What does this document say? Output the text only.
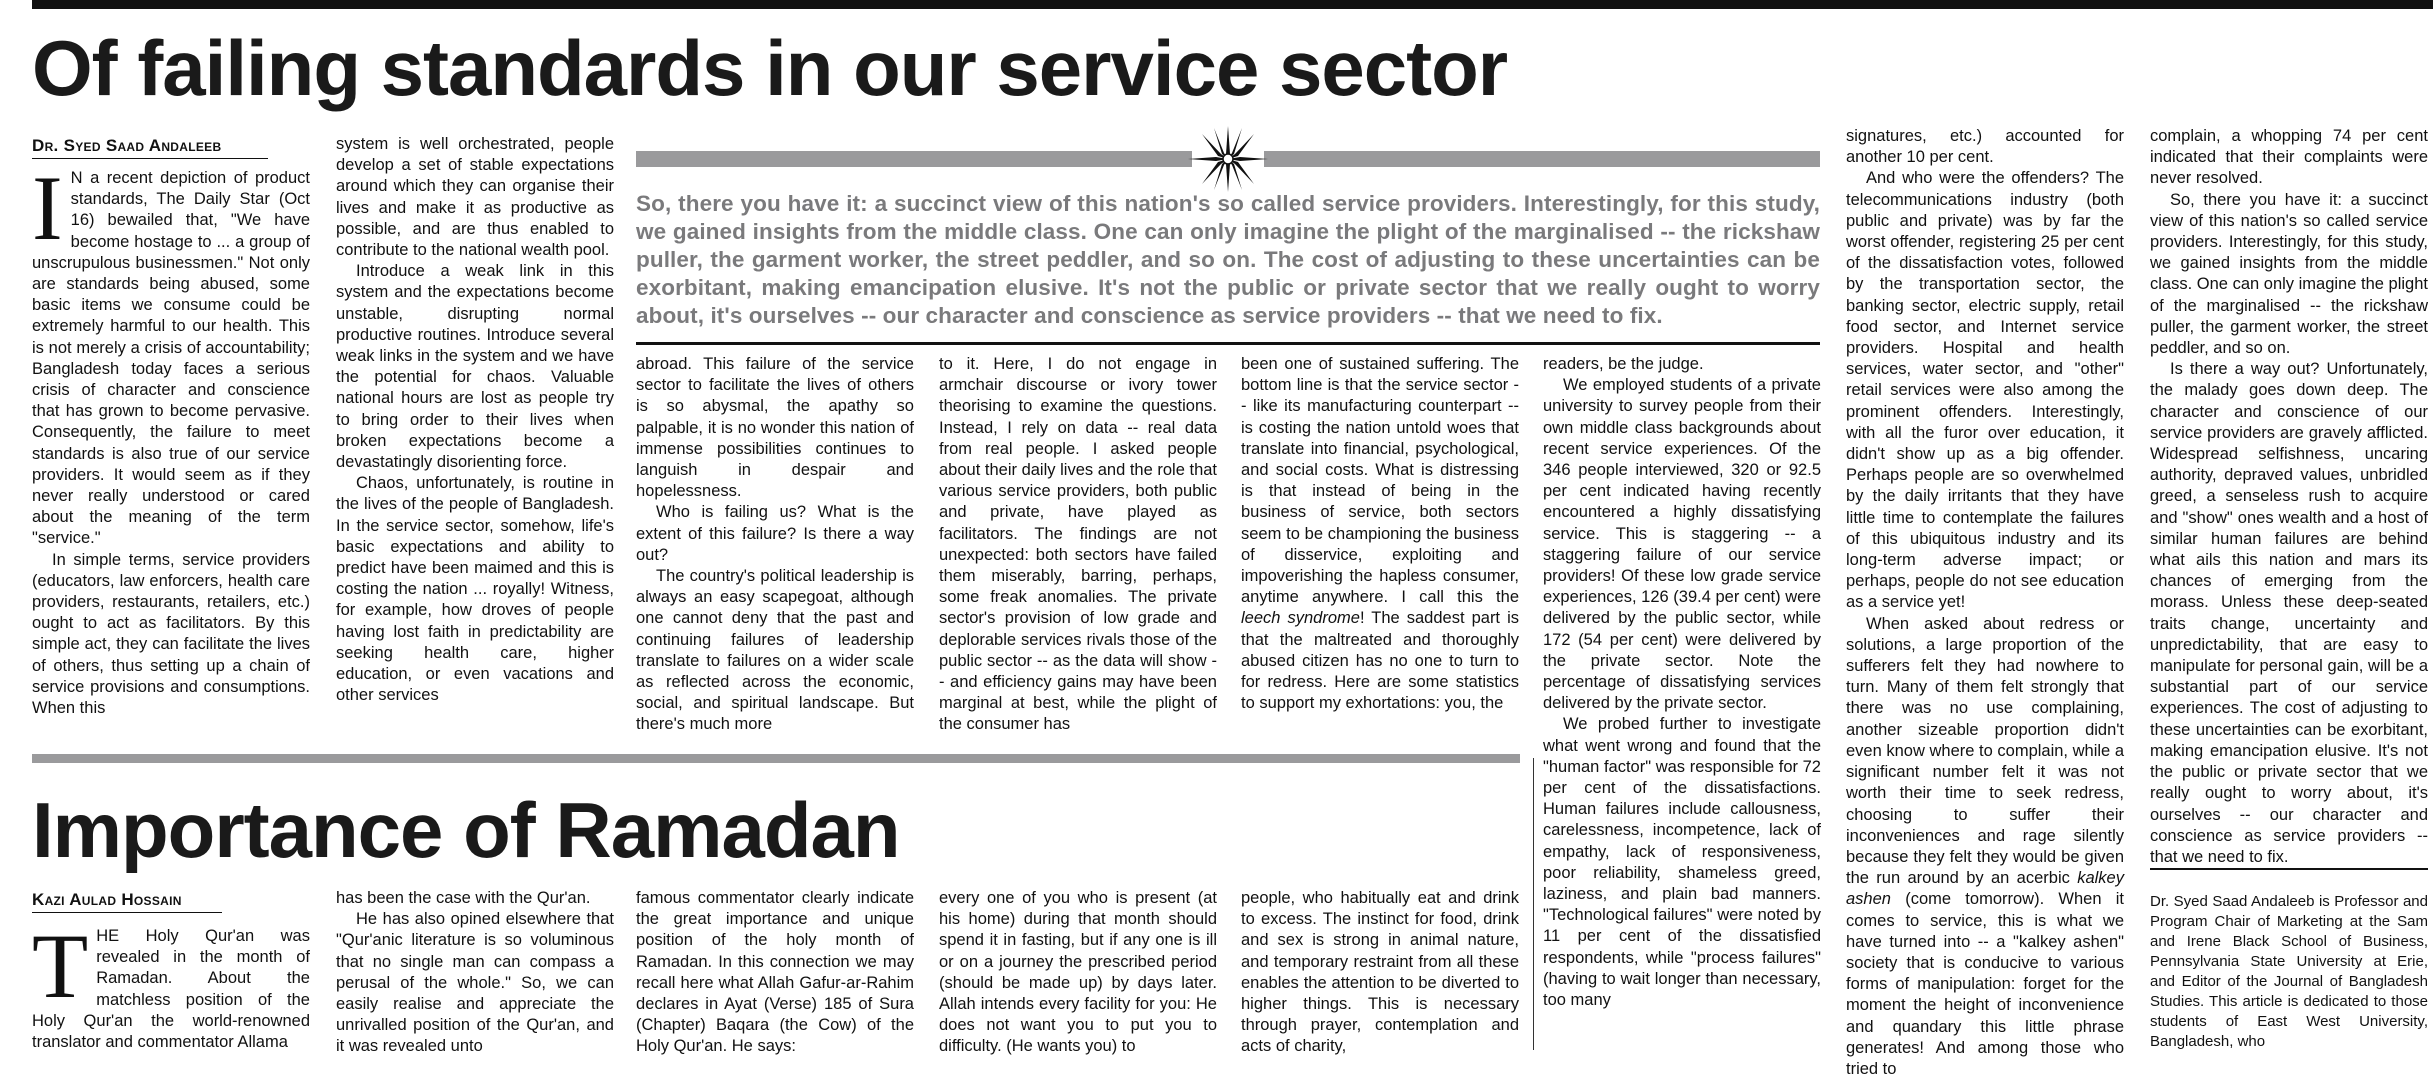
Of failing standards in our service sector
Dr. Syed Saad Andaleeb

I N a recent depiction of product standards, The Daily Star (Oct 16) bewailed that, "We have become hostage to ... a group of unscrupulous businessmen." Not only are standards being abused, some basic items we consume could be extremely harmful to our health. This is not merely a crisis of accountability; Bangladesh today faces a serious crisis of character and conscience that has grown to become pervasive. Consequently, the failure to meet standards is also true of our service providers. It would seem as if they never really understood or cared about the meaning of the term "service."

In simple terms, service providers (educators, law enforcers, health care providers, restaurants, retailers, etc.) ought to act as facilitators. By this simple act, they can facilitate the lives of others, thus setting up a chain of service provisions and consumptions. When this

system is well orchestrated, people develop a set of stable expectations around which they can organise their lives and make it as productive as possible, and are thus enabled to contribute to the national wealth pool.

Introduce a weak link in this system and the expectations become unstable, disrupting normal productive routines. Introduce several weak links in the system and we have the potential for chaos. Valuable national hours are lost as people try to bring order to their lives when broken expectations become a devastatingly disorienting force.

Chaos, unfortunately, is routine in the lives of the people of Bangladesh. In the service sector, somehow, life's basic expectations and ability to predict have been maimed and this is costing the nation ... royally! Witness, for example, how droves of people having lost faith in predictability are seeking health care, higher education, or even vacations and other services

So, there you have it: a succinct view of this nation's so called service providers. Interestingly, for this study, we gained insights from the middle class. One can only imagine the plight of the marginalised -- the rickshaw puller, the garment worker, the street peddler, and so on. The cost of adjusting to these uncertainties can be exorbitant, making emancipation elusive. It's not the public or private sector that we really ought to worry about, it's ourselves -- our character and conscience as service providers -- that we need to fix.

abroad. This failure of the service sector to facilitate the lives of others is so abysmal, the apathy so palpable, it is no wonder this nation of immense possibilities continues to languish in despair and hopelessness.

Who is failing us? What is the extent of this failure? Is there a way out?

The country's political leadership is always an easy scapegoat, although one cannot deny that the past and continuing failures of leadership translate to failures on a wider scale as reflected across the economic, social, and spiritual landscape. But there's much more

to it. Here, I do not engage in armchair discourse or ivory tower theorising to examine the questions. Instead, I rely on data -- real data from real people. I asked people about their daily lives and the role that various service providers, both public and private, have played as facilitators. The findings are not unexpected: both sectors have failed them miserably, barring, perhaps, some freak anomalies. The private sector's provision of low grade and deplorable services rivals those of the public sector -- as the data will show -- and efficiency gains may have been marginal at best, while the plight of the consumer has

been one of sustained suffering. The bottom line is that the service sector -- like its manufacturing counterpart -- is costing the nation untold woes that translate into financial, psychological, and social costs. What is distressing is that instead of being in the business of service, both sectors seem to be championing the business of disservice, exploiting and impoverishing the hapless consumer, anytime anywhere. I call this the leech syndrome! The saddest part is that the maltreated and thoroughly abused citizen has no one to turn to for redress. Here are some statistics to support my exhortations: you, the

readers, be the judge.

We employed students of a private university to survey people from their own middle class backgrounds about recent service experiences. Of the 346 people interviewed, 320 or 92.5 per cent indicated having recently encountered a highly dissatisfying service. This is staggering -- a staggering failure of our service providers! Of these low grade service experiences, 126 (39.4 per cent) were delivered by the public sector, while 172 (54 per cent) were delivered by the private sector. Note the percentage of dissatisfying services delivered by the private sector.

We probed further to investigate what went wrong and found that the "human factor" was responsible for 72 per cent of the dissatisfactions. Human failures include callousness, carelessness, incompetence, lack of empathy, lack of responsiveness, poor reliability, shameless greed, laziness, and plain bad manners. "Technological failures" were noted by 11 per cent of the dissatisfied respondents, while "process failures" (having to wait longer than necessary, too many

signatures, etc.) accounted for another 10 per cent.

And who were the offenders? The telecommunications industry (both public and private) was by far the worst offender, registering 25 per cent of the dissatisfaction votes, followed by the transportation sector, the banking sector, electric supply, retail food sector, and Internet service providers. Hospital and health services, water sector, and "other" retail services were also among the prominent offenders. Interestingly, with all the furor over education, it didn't show up as a big offender. Perhaps people are so overwhelmed by the daily irritants that they have little time to contemplate the failures of this ubiquitous industry and its long-term adverse impact; or perhaps, people do not see education as a service yet!

When asked about redress or solutions, a large proportion of the sufferers felt they had nowhere to turn. Many of them felt strongly that there was no use complaining, another sizeable proportion didn't even know where to complain, while a significant number felt it was not worth their time to seek redress, choosing to suffer their inconveniences and rage silently because they felt they would be given the run around by an acerbic kalkey ashen (come tomorrow). When it comes to service, this is what we have turned into -- a "kalkey ashen" society that is conducive to various forms of manipulation: forget for the moment the height of inconvenience and quandary this little phrase generates! And among those who tried to

complain, a whopping 74 per cent indicated that their complaints were never resolved.

So, there you have it: a succinct view of this nation's so called service providers. Interestingly, for this study, we gained insights from the middle class. One can only imagine the plight of the marginalised -- the rickshaw puller, the garment worker, the street peddler, and so on.

Is there a way out? Unfortunately, the malady goes down deep. The character and conscience of our service providers are gravely afflicted. Widespread selfishness, uncaring authority, depraved values, unbridled greed, a senseless rush to acquire and "show" ones wealth and a host of similar human failures are behind what ails this nation and mars its chances of emerging from the morass. Unless these deep-seated traits change, uncertainty and unpredictability, that are easy to manipulate for personal gain, will be a substantial part of our service experiences. The cost of adjusting to these uncertainties can be exorbitant, making emancipation elusive. It's not the public or private sector that we really ought to worry about, it's ourselves -- our character and conscience as service providers -- that we need to fix.

Dr. Syed Saad Andaleeb is Professor and Program Chair of Marketing at the Sam and Irene Black School of Business, Pennsylvania State University at Erie, and Editor of the Journal of Bangladesh Studies. This article is dedicated to those students of East West University, Bangladesh, who

Importance of Ramadan
Kazi Aulad Hossain

THE Holy Qur'an was revealed in the month of Ramadan. About the matchless position of the Holy Qur'an the world-renowned translator and commentator Allama

has been the case with the Qur'an.

He has also opined elsewhere that "Qur'anic literature is so voluminous that no single man can compass a perusal of the whole." So, we can easily realise and appreciate the unrivalled position of the Qur'an, and it was revealed unto

famous commentator clearly indicate the great importance and unique position of the holy month of Ramadan. In this connection we may recall here what Allah Gafur-ar-Rahim declares in Ayat (Verse) 185 of Sura (Chapter) Baqara (the Cow) of the Holy Qur'an. He says:

every one of you who is present (at his home) during that month should spend it in fasting, but if any one is ill or on a journey the prescribed period (should be made up) by days later. Allah intends every facility for you: He does not want you to put you to difficulty. (He wants you) to

people, who habitually eat and drink to excess. The instinct for food, drink and sex is strong in animal nature, and temporary restraint from all these enables the attention to be diverted to higher things. This is necessary through prayer, contemplation and acts of charity,
